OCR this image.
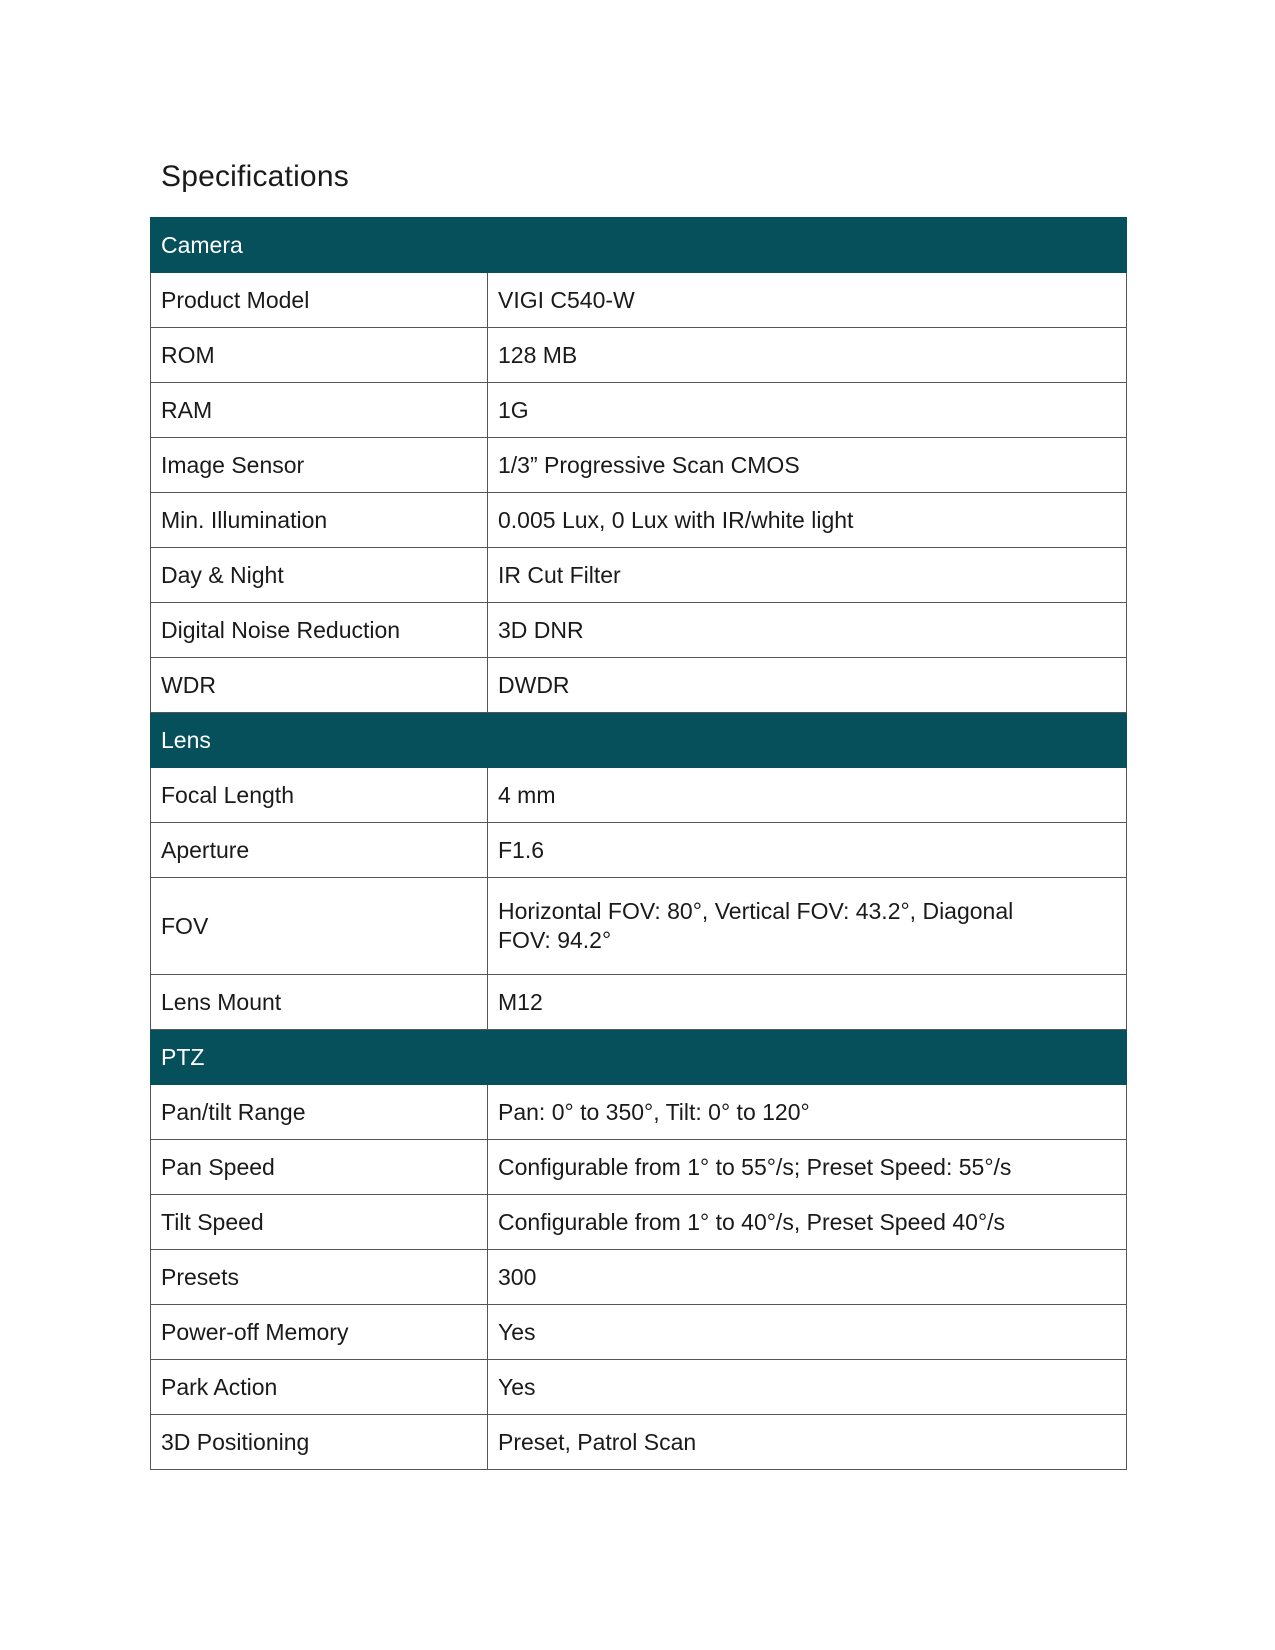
Specifications
Camera	
Product Model	VIGI C540-W
ROM	128 MB
RAM	1G
Image Sensor	1/3” Progressive Scan CMOS
Min. Illumination	0.005 Lux, 0 Lux with IR/white light
Day & Night	IR Cut Filter
Digital Noise Reduction	3D DNR
WDR	DWDR
Lens	
Focal Length	4 mm
Aperture	F1.6
FOV	Horizontal FOV: 80°, Vertical FOV: 43.2°, Diagonal FOV: 94.2°
Lens Mount	M12
PTZ	
Pan/tilt Range	Pan: 0° to 350°, Tilt: 0° to 120°
Pan Speed	Configurable from 1° to 55°/s; Preset Speed: 55°/s
Tilt Speed	Configurable from 1° to 40°/s, Preset Speed 40°/s
Presets	300
Power-off Memory	Yes
Park Action	Yes
3D Positioning	Preset, Patrol Scan
